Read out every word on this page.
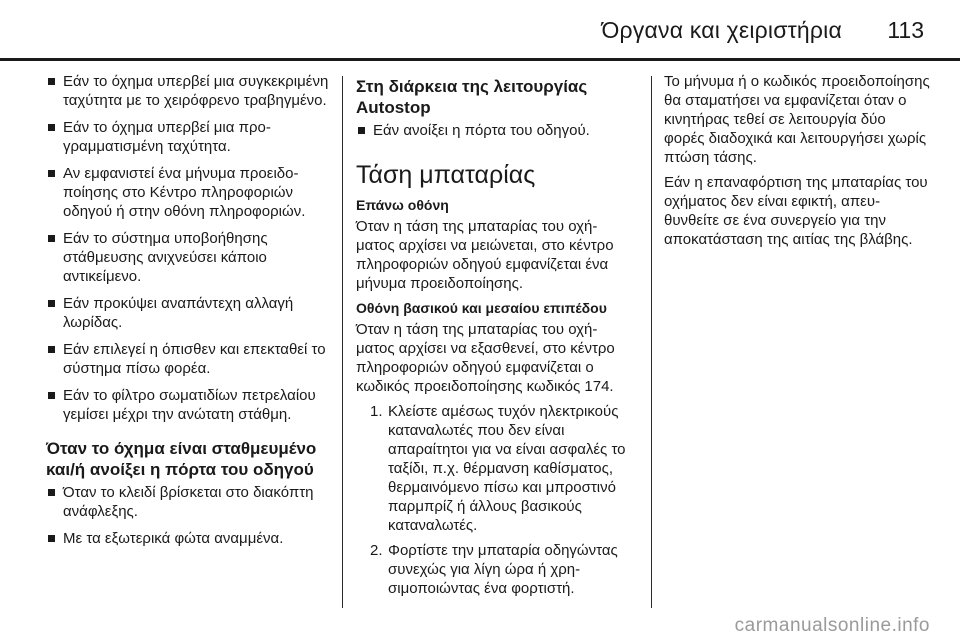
Όργανα και χειριστήρια 113
Εάν το όχημα υπερβεί μια συγκεκριμένη ταχύτητα με το χειρόφρενο τραβηγμένο.
Εάν το όχημα υπερβεί μια προγραμματισμένη ταχύτητα.
Αν εμφανιστεί ένα μήνυμα προειδοποίησης στο Κέντρο πληροφοριών οδηγού ή στην οθόνη πληροφοριών.
Εάν το σύστημα υποβοήθησης στάθμευσης ανιχνεύσει κάποιο αντικείμενο.
Εάν προκύψει αναπάντεχη αλλαγή λωρίδας.
Εάν επιλεγεί η όπισθεν και επεκταθεί το σύστημα πίσω φορέα.
Εάν το φίλτρο σωματιδίων πετρελαίου γεμίσει μέχρι την ανώτατη στάθμη.
Όταν το όχημα είναι σταθμευμένο και/ή ανοίξει η πόρτα του οδηγού
Όταν το κλειδί βρίσκεται στο διακόπτη ανάφλεξης.
Με τα εξωτερικά φώτα αναμμένα.
Στη διάρκεια της λειτουργίας Autostop
Εάν ανοίξει η πόρτα του οδηγού.
Τάση μπαταρίας
Επάνω οθόνη

Όταν η τάση της μπαταρίας του οχήματος αρχίσει να μειώνεται, στο κέντρο πληροφοριών οδηγού εμφανίζεται ένα μήνυμα προειδοποίησης.

Οθόνη βασικού και μεσαίου επιπέδου

Όταν η τάση της μπαταρίας του οχήματος αρχίσει να εξασθενεί, στο κέντρο πληροφοριών οδηγού εμφανίζεται ο κωδικός προειδοποίησης κωδικός 174.

1. Κλείστε αμέσως τυχόν ηλεκτρικούς καταναλωτές που δεν είναι απαραίτητοι για να είναι ασφαλές το ταξίδι, π.χ. θέρμανση καθίσματος, θερμαινόμενο πίσω και μπροστινό παρμπρίζ ή άλλους βασικούς καταναλωτές.
2. Φορτίστε την μπαταρία οδηγώντας συνεχώς για λίγη ώρα ή χρησιμοποιώντας ένα φορτιστή.

Το μήνυμα ή ο κωδικός προειδοποίησης θα σταματήσει να εμφανίζεται όταν ο κινητήρας τεθεί σε λειτουργία δύο φορές διαδοχικά και λειτουργήσει χωρίς πτώση τάσης.

Εάν η επαναφόρτιση της μπαταρίας του οχήματος δεν είναι εφικτή, απευθυνθείτε σε ένα συνεργείο για την αποκατάσταση της αιτίας της βλάβης.

carmanualsonline.info
